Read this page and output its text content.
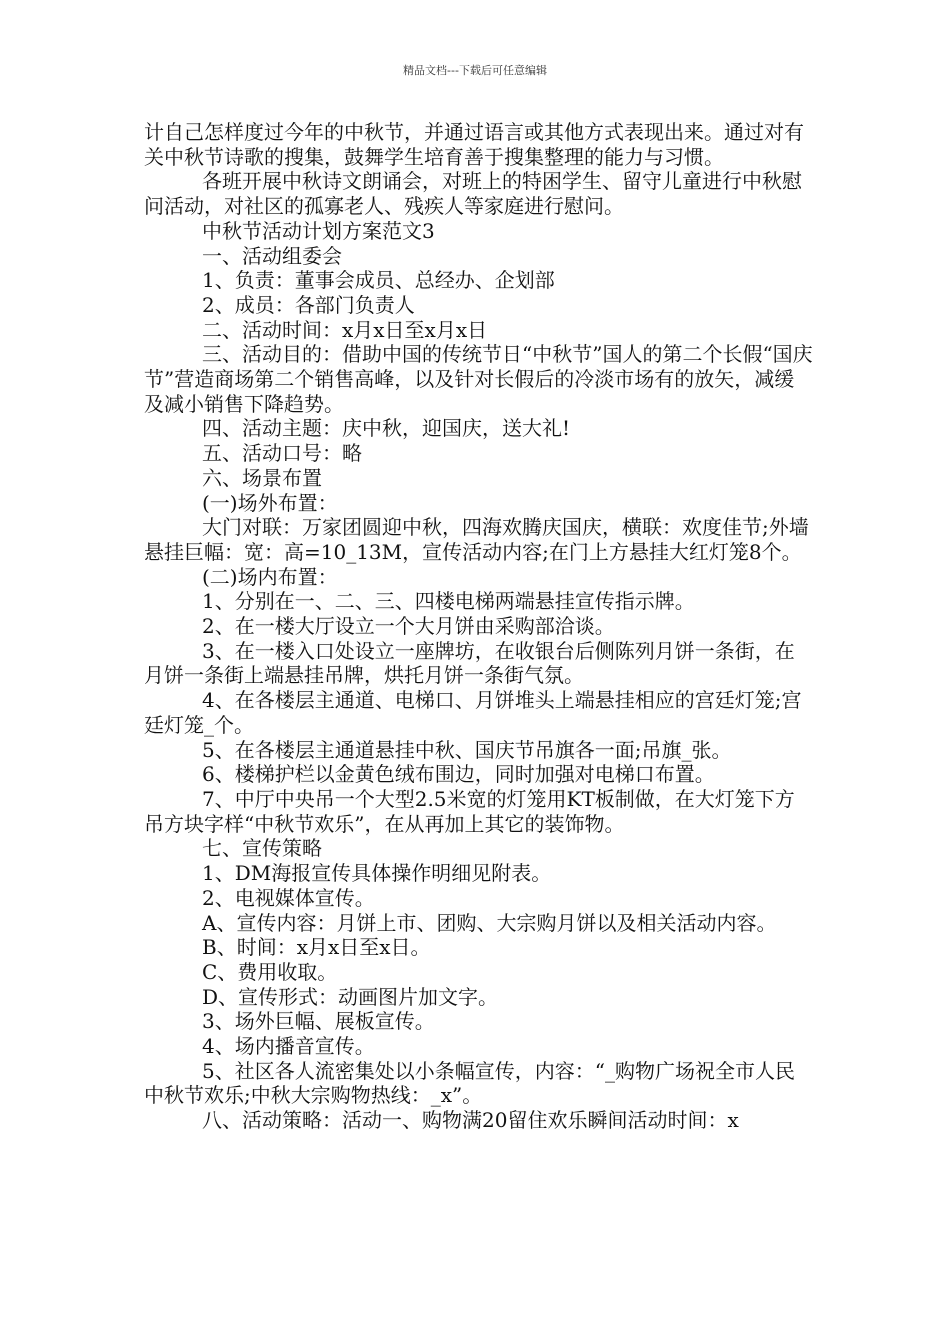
精品文档---下载后可任意编辑

计自己怎样度过今年的中秋节，并通过语言或其他方式表现出来。通过对有关中秋节诗歌的搜集，鼓舞学生培育善于搜集整理的能力与习惯。

各班开展中秋诗文朗诵会，对班上的特困学生、留守儿童进行中秋慰问活动，对社区的孤寡老人、残疾人等家庭进行慰问。

中秋节活动计划方案范文3

一、活动组委会

1、负责：董事会成员、总经办、企划部

2、成员：各部门负责人

二、活动时间：x月x日至x月x日

三、活动目的：借助中国的传统节日“中秋节”国人的第二个长假“国庆节”营造商场第二个销售高峰，以及针对长假后的冷淡市场有的放矢，减缓及减小销售下降趋势。

四、活动主题：庆中秋，迎国庆，送大礼!

五、活动口号：略

六、场景布置

(一)场外布置：

大门对联：万家团圆迎中秋，四海欢腾庆国庆，横联：欢度佳节;外墙悬挂巨幅：宽：高=10_13M，宣传活动内容;在门上方悬挂大红灯笼8个。

(二)场内布置：

1、分别在一、二、三、四楼电梯两端悬挂宣传指示牌。

2、在一楼大厅设立一个大月饼由采购部洽谈。

3、在一楼入口处设立一座牌坊，在收银台后侧陈列月饼一条街，在月饼一条街上端悬挂吊牌，烘托月饼一条街气氛。

4、在各楼层主通道、电梯口、月饼堆头上端悬挂相应的宫廷灯笼;宫廷灯笼_个。

5、在各楼层主通道悬挂中秋、国庆节吊旗各一面;吊旗_张。

6、楼梯护栏以金黄色绒布围边，同时加强对电梯口布置。

7、中厅中央吊一个大型2.5米宽的灯笼用KT板制做，在大灯笼下方吊方块字样“中秋节欢乐”，在从再加上其它的装饰物。

七、宣传策略

1、DM海报宣传具体操作明细见附表。

2、电视媒体宣传。

A、宣传内容：月饼上市、团购、大宗购月饼以及相关活动内容。

B、时间：x月x日至x日。

C、费用收取。

D、宣传形式：动画图片加文字。

3、场外巨幅、展板宣传。

4、场内播音宣传。

5、社区各人流密集处以小条幅宣传，内容：“_购物广场祝全市人民中秋节欢乐;中秋大宗购物热线：_x”。

八、活动策略：活动一、购物满20留住欢乐瞬间活动时间：x
